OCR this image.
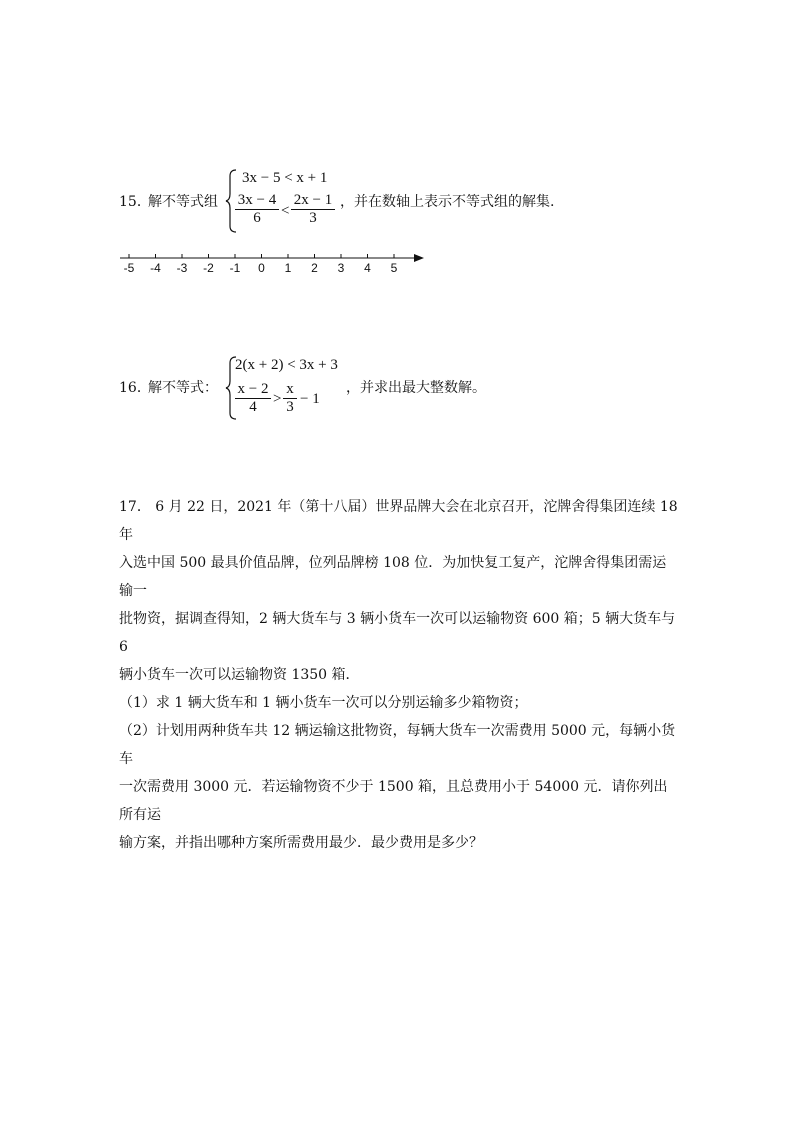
15．
解不等式组
3x − 5 < x + 1
3x − 4
6	<
2x − 1
3
，并在数轴上表示不等式组的解集.
-5 -4 -3 -2 -1 0 1 2 3 4 5
16．
解不等式：
2(x + 2) < 3x + 3
x − 2
4	>
x
3 − 1
，并求出最大整数解。

17． 6 月 22 日，2021 年（第十八届）世界品牌大会在北京召开，沱牌舍得集团连续 18 年

入选中国 500 最具价值品牌，位列品牌榜 108 位．为加快复工复产，沱牌舍得集团需运输一

批物资，据调查得知，2 辆大货车与 3 辆小货车一次可以运输物资 600 箱；5 辆大货车与 6

辆小货车一次可以运输物资 1350 箱．

（1）求 1 辆大货车和 1 辆小货车一次可以分别运输多少箱物资；

（2）计划用两种货车共 12 辆运输这批物资，每辆大货车一次需费用 5000 元，每辆小货车

一次需费用 3000 元．若运输物资不少于 1500 箱，且总费用小于 54000 元．请你列出所有运

输方案，并指出哪种方案所需费用最少．最少费用是多少？
